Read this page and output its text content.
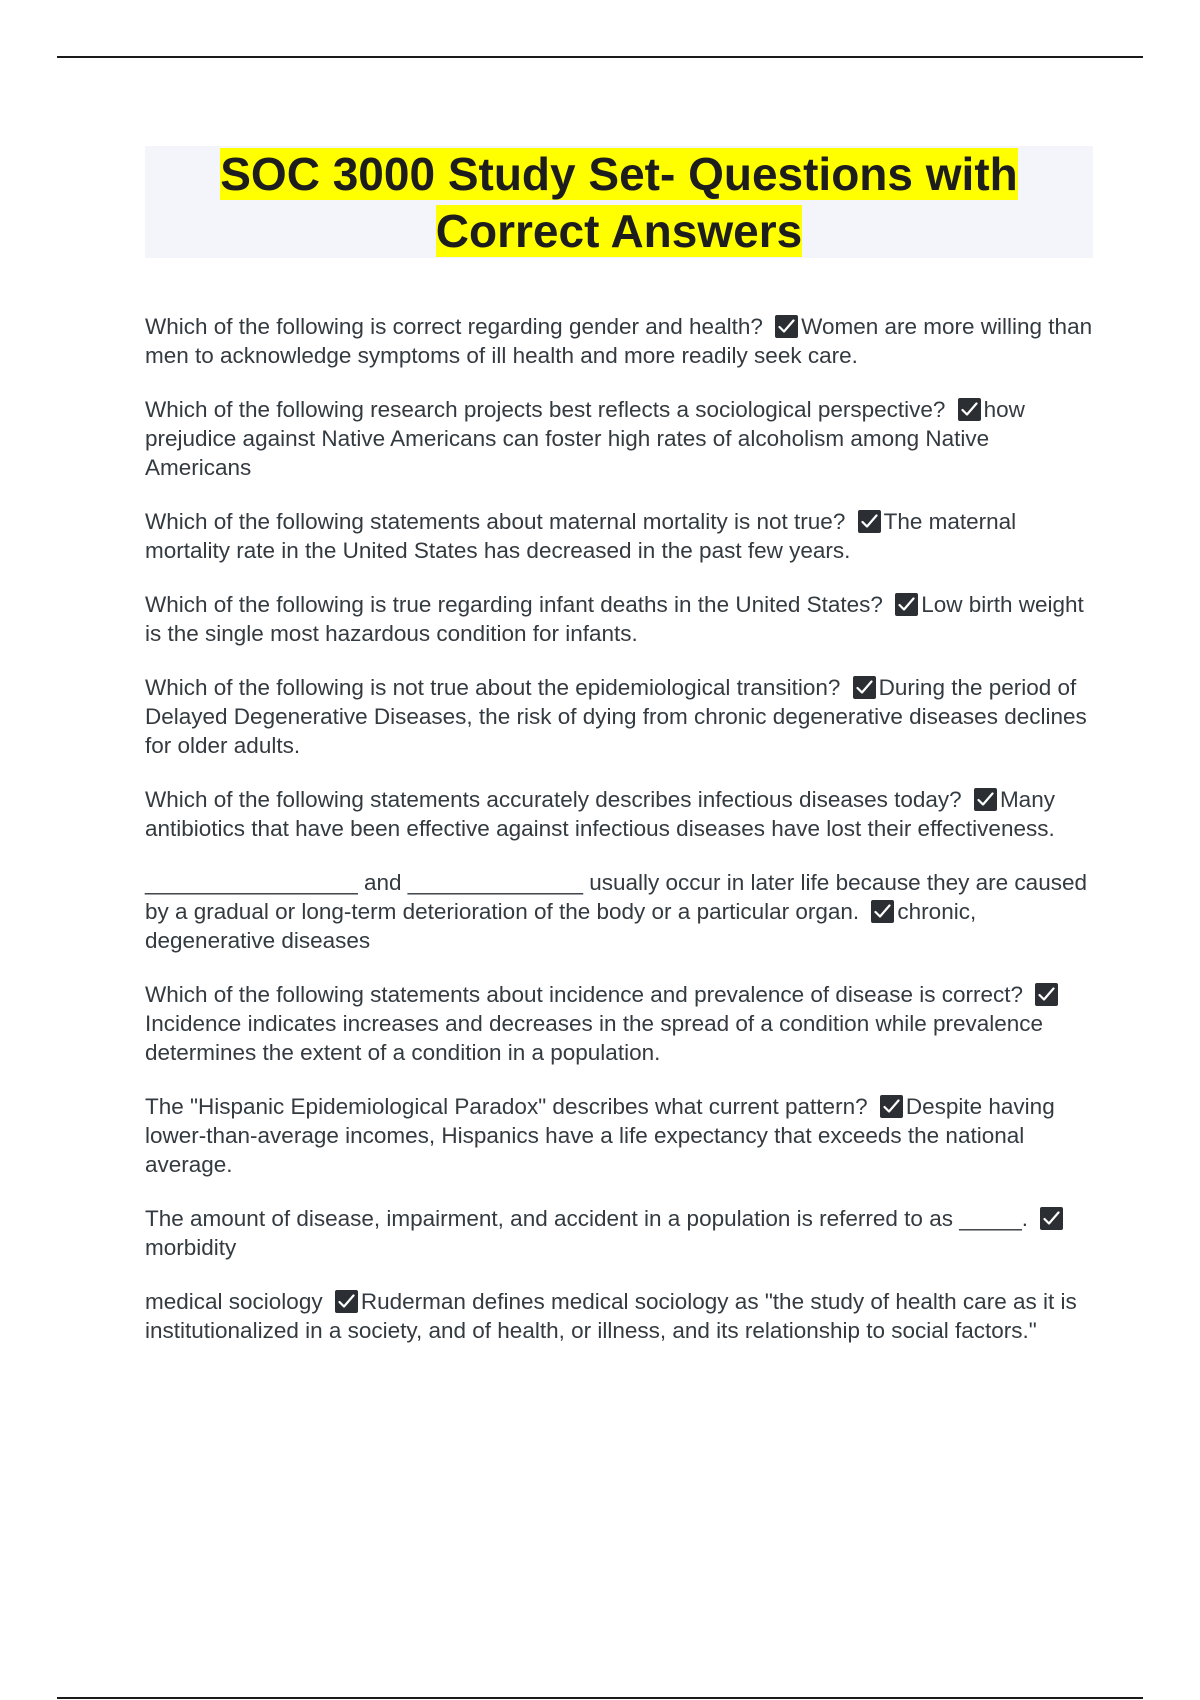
SOC 3000 Study Set- Questions with Correct Answers
Which of the following is correct regarding gender and health? Women are more willing than men to acknowledge symptoms of ill health and more readily seek care.
Which of the following research projects best reflects a sociological perspective? how prejudice against Native Americans can foster high rates of alcoholism among Native Americans
Which of the following statements about maternal mortality is not true? The maternal mortality rate in the United States has decreased in the past few years.
Which of the following is true regarding infant deaths in the United States? Low birth weight is the single most hazardous condition for infants.
Which of the following is not true about the epidemiological transition? During the period of Delayed Degenerative Diseases, the risk of dying from chronic degenerative diseases declines for older adults.
Which of the following statements accurately describes infectious diseases today? Many antibiotics that have been effective against infectious diseases have lost their effectiveness.
_________________ and ______________ usually occur in later life because they are caused by a gradual or long-term deterioration of the body or a particular organ. chronic, degenerative diseases
Which of the following statements about incidence and prevalence of disease is correct?
Incidence indicates increases and decreases in the spread of a condition while prevalence determines the extent of a condition in a population.
The "Hispanic Epidemiological Paradox" describes what current pattern? Despite having lower-than-average incomes, Hispanics have a life expectancy that exceeds the national average.
The amount of disease, impairment, and accident in a population is referred to as _____.
morbidity
medical sociology Ruderman defines medical sociology as "the study of health care as it is institutionalized in a society, and of health, or illness, and its relationship to social factors."
